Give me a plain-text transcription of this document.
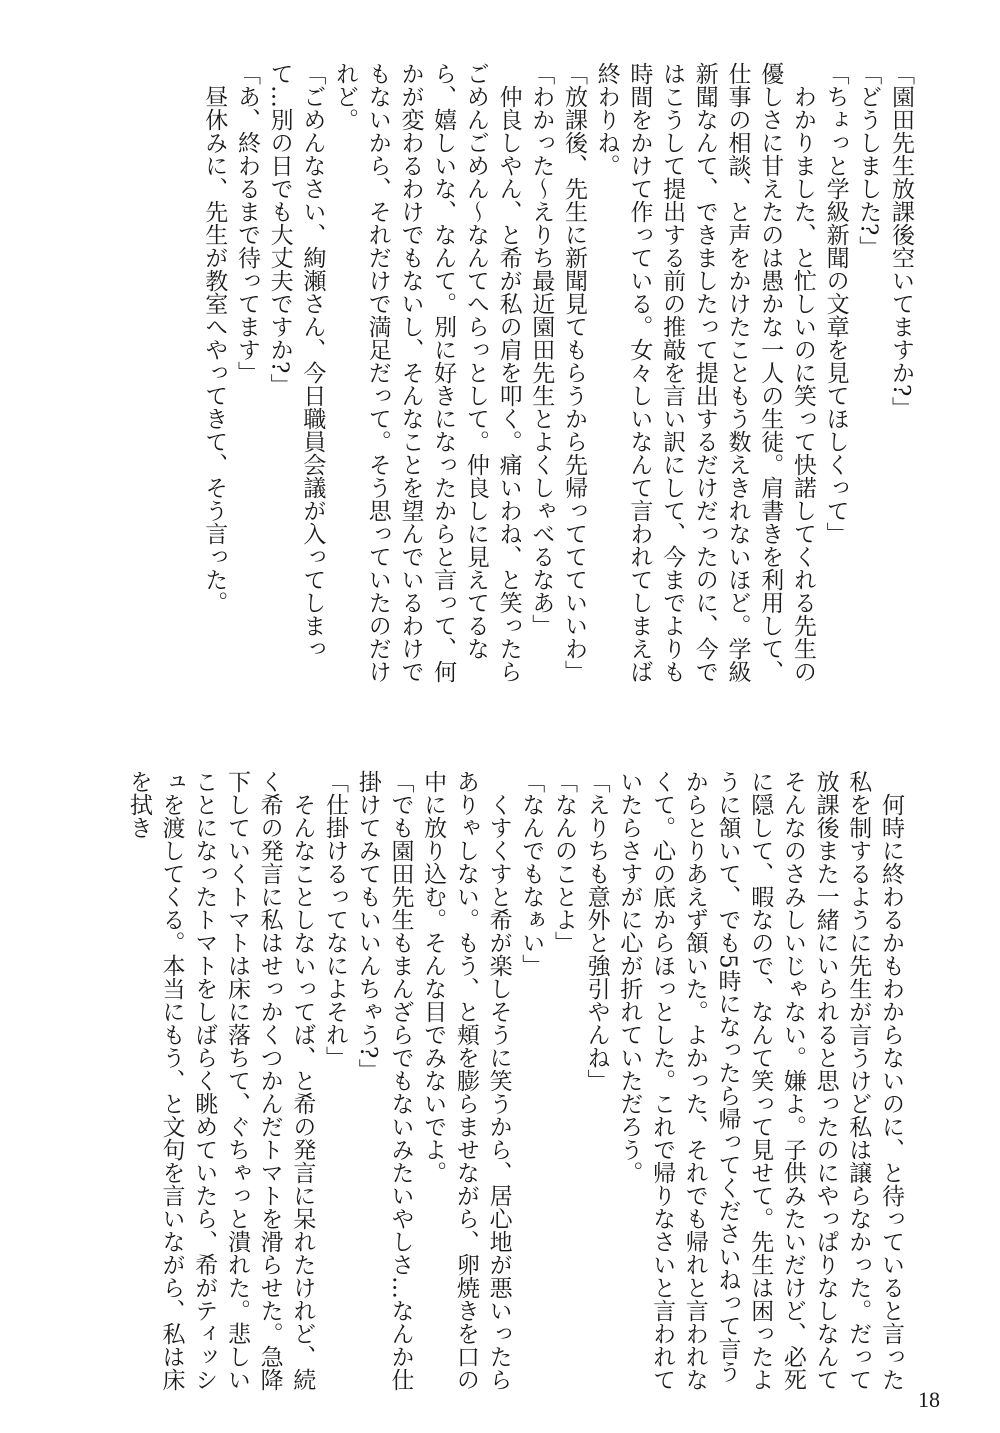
「園田先生放課後空いてますか?」

「どうしました?」

「ちょっと学級新聞の文章を見てほしくって」

　わかりました、と忙しいのに笑って快諾してくれる先生の優しさに甘えたのは愚かな一人の生徒。肩書きを利用して、仕事の相談、と声をかけたこともう数えきれないほど。学級新聞なんて、できましたって提出するだけだったのに、今ではこうして提出する前の推敲を言い訳にして、今までよりも時間をかけて作っている。女々しいなんて言われてしまえば終わりね。

「放課後、先生に新聞見てもらうから先帰っててていいわ」

「わかった〜えりち最近園田先生とよくしゃべるなあ」

　仲良しやん、と希が私の肩を叩く。痛いわね、と笑ったらごめんごめん〜なんてへらっとして。仲良しに見えてるなら、嬉しいな、なんて。別に好きになったからと言って、何かが変わるわけでもないし、そんなことを望んでいるわけでもないから、それだけで満足だって。そう思っていたのだけれど。

「ごめんなさい、絢瀬さん、今日職員会議が入ってしまって…別の日でも大丈夫ですか?」

「あ、終わるまで待ってます」

　昼休みに、先生が教室へやってきて、そう言った。

　何時に終わるかもわからないのに、と待っていると言った私を制するように先生が言うけど私は譲らなかった。だって放課後また一緒にいられると思ったのにやっぱりなしなんてそんなのさみしいじゃない。嫌よ。子供みたいだけど、必死に隠して、暇なので、なんて笑って見せて。先生は困ったように頷いて、でも5時になったら帰ってくださいねって言うからとりあえず頷いた。よかった、それでも帰れと言われなくて。心の底からほっとした。これで帰りなさいと言われていたらさすがに心が折れていただろう。

「えりちも意外と強引やんね」

「なんのことよ」

「なんでもなぁい」

　くすくすと希が楽しそうに笑うから、居心地が悪いったらありゃしない。もう、と頬を膨らませながら、卵焼きを口の中に放り込む。そんな目でみないでよ。

「でも園田先生もまんざらでもないみたいやしさ…なんか仕掛けてみてもいいんちゃう?」

「仕掛けるってなによそれ」

　そんなことしないってば、と希の発言に呆れたけれど、続く希の発言に私はせっかくつかんだトマトを滑らせた。急降下していくトマトは床に落ちて、ぐちゃっと潰れた。悲しいことになったトマトをしばらく眺めていたら、希がティッシュを渡してくる。本当にもう、と文句を言いながら、私は床を拭き

18
